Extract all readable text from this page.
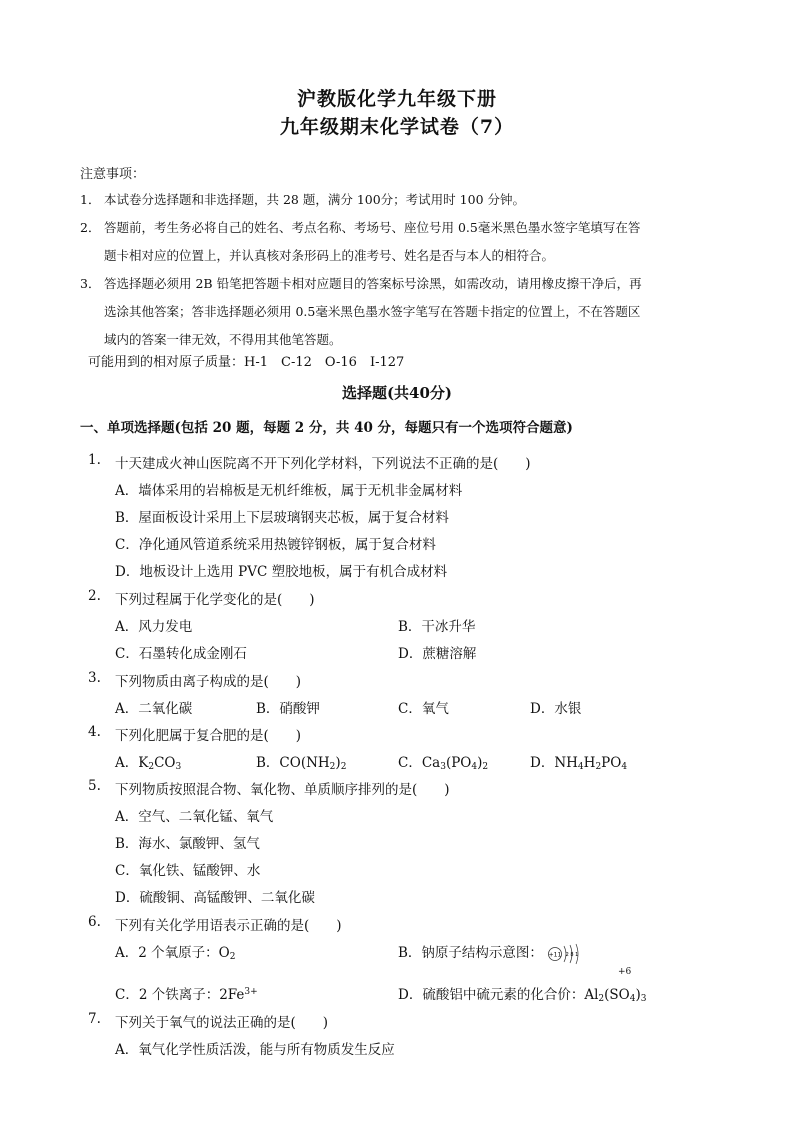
沪教版化学九年级下册
九年级期末化学试卷（7）
注意事项：
1． 本试卷分选择题和非选择题，共 28 题，满分 100分；考试用时 100 分钟。
2． 答题前，考生务必将自己的姓名、考点名称、考场号、座位号用 0.5毫米黑色墨水签字笔填写在答
题卡相对应的位置上，并认真核对条形码上的准考号、姓名是否与本人的相符合。
3． 答选择题必须用 2B 铅笔把答题卡相对应题目的答案标号涂黑，如需改动，请用橡皮擦干净后，再
选涂其他答案；答非选择题必须用 0.5毫米黑色墨水签字笔写在答题卡指定的位置上，不在答题区
域内的答案一律无效，不得用其他笔答题。
可能用到的相对原子质量：H-1　C-12　O-16　I-127
选择题(共40分)
一、单项选择题(包括 20 题，每题 2 分，共 40 分，每题只有一个选项符合题意)
1. 十天建成火神山医院离不开下列化学材料，下列说法不正确的是(　　)
A．墙体采用的岩棉板是无机纤维板，属于无机非金属材料
B．屋面板设计采用上下层玻璃钢夹芯板，属于复合材料
C．净化通风管道系统采用热镀锌钢板，属于复合材料
D．地板设计上选用 PVC 塑胶地板，属于有机合成材料
2. 下列过程属于化学变化的是(　　)
A．风力发电	B．干冰升华
C．石墨转化成金刚石	D．蔗糖溶解
3. 下列物质由离子构成的是(　　)
A．二氧化碳	B．硝酸钾	C．氧气	D．水银
4. 下列化肥属于复合肥的是(　　)
A．$K_2CO_3$	B．$CO(NH_2)_2$	C．$Ca_3(PO_4)_2$	D．$NH_4H_2PO_4$
5. 下列物质按照混合物、氧化物、单质顺序排列的是(　　)
A．空气、二氧化锰、氧气
B．海水、氯酸钾、氢气
C．氧化铁、锰酸钾、水
D．硫酸铜、高锰酸钾、二氧化碳
6. 下列有关化学用语表示正确的是(　　)
A．2 个氧原子：$O_2$	B．钠原子结构示意图： +11 2 8 1
C．2 个铁离子：$2Fe^{3+}$
+6
D．硫酸铝中硫元素的化合价：$Al_2(SO_4)_3$
7. 下列关于氧气的说法正确的是(　　)
A．氧气化学性质活泼，能与所有物质发生反应
